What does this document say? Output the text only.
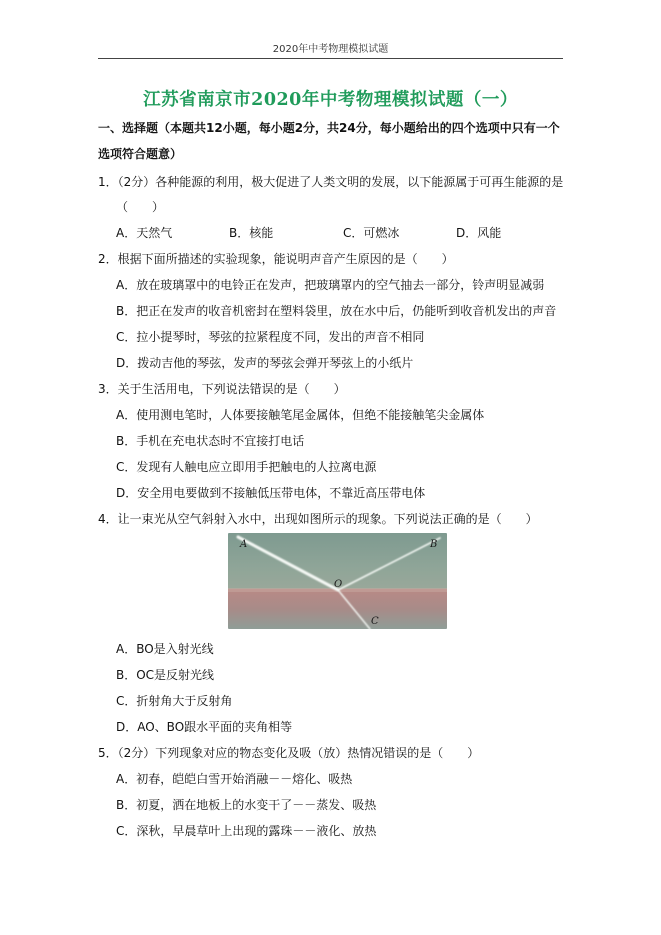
2020年中考物理模拟试题
江苏省南京市2020年中考物理模拟试题（一）
一、选择题（本题共12小题，每小题2分，共24分，每小题给出的四个选项中只有一个
选项符合题意）
1．（2分）各种能源的利用，极大促进了人类文明的发展，以下能源属于可再生能源的是
（　　）
A．天然气	B．核能	C．可燃冰	D．风能
2．根据下面所描述的实验现象，能说明声音产生原因的是（　　）
A．放在玻璃罩中的电铃正在发声，把玻璃罩内的空气抽去一部分，铃声明显减弱
B．把正在发声的收音机密封在塑料袋里，放在水中后，仍能听到收音机发出的声音
C．拉小提琴时，琴弦的拉紧程度不同，发出的声音不相同
D．拨动吉他的琴弦，发声的琴弦会弹开琴弦上的小纸片
3．关于生活用电，下列说法错误的是（　　）
A．使用测电笔时，人体要接触笔尾金属体，但绝不能接触笔尖金属体
B．手机在充电状态时不宜接打电话
C．发现有人触电应立即用手把触电的人拉离电源
D．安全用电要做到不接触低压带电体，不靠近高压带电体
4．让一束光从空气斜射入水中，出现如图所示的现象。下列说法正确的是（　　）
A	B
O
C
A．BO是入射光线
B．OC是反射光线
C．折射角大于反射角
D．AO、BO跟水平面的夹角相等
5．（2分）下列现象对应的物态变化及吸（放）热情况错误的是（　　）
A．初春，皑皑白雪开始消融－－熔化、吸热
B．初夏，洒在地板上的水变干了－－蒸发、吸热
C．深秋，早晨草叶上出现的露珠－－液化、放热
